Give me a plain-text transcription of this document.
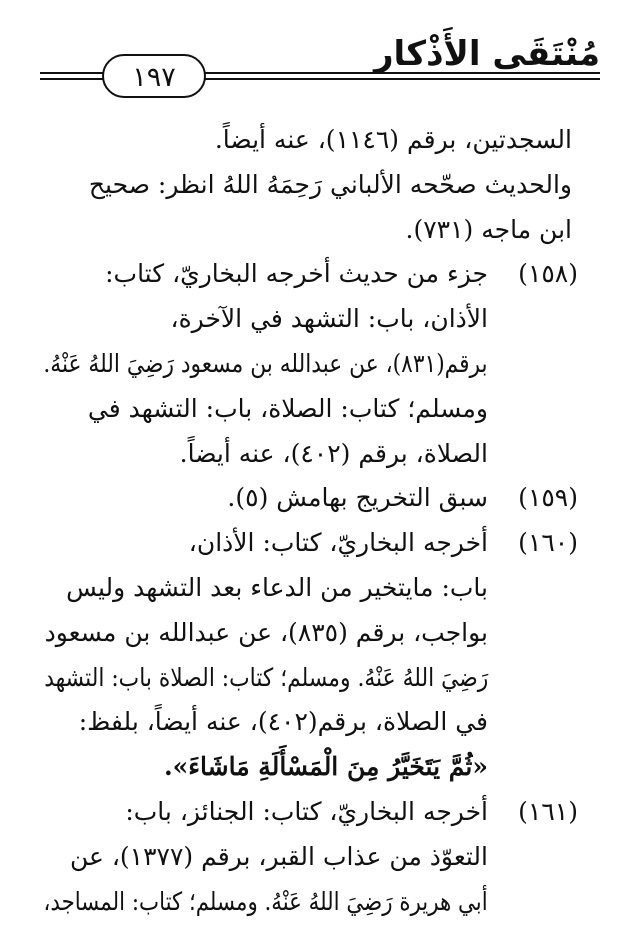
مُنْتَقَى الأَذْكار
١٩٧
السجدتين، برقم (١١٤٦)، عنه أيضاً.
والحديث صحّحه الألباني رَحِمَهُ اللهُ انظر: صحيح
ابن ماجه (٧٣١).
(١٥٨)
جزء من حديث أخرجه البخاريّ، كتاب:
الأذان، باب: التشهد في الآخرة،
برقم(٨٣١)، عن عبدالله بن مسعود رَضِيَ اللهُ عَنْهُ.
ومسلم؛ كتاب: الصلاة، باب: التشهد في
الصلاة، برقم (٤٠٢)، عنه أيضاً.
(١٥٩)
سبق التخريج بهامش (٥).
(١٦٠)
أخرجه البخاريّ، كتاب: الأذان،
باب: مايتخير من الدعاء بعد التشهد وليس
بواجب، برقم (٨٣٥)، عن عبدالله بن مسعود
رَضِيَ اللهُ عَنْهُ. ومسلم؛ كتاب: الصلاة باب: التشهد
في الصلاة، برقم(٤٠٢)، عنه أيضاً، بلفظ:
«ثُمَّ يَتَخَيَّرُ مِنَ الْمَسْأَلَةِ مَاشَاءَ».
(١٦١)
أخرجه البخاريّ، كتاب: الجنائز، باب:
التعوّذ من عذاب القبر، برقم (١٣٧٧)، عن
أبي هريرة رَضِيَ اللهُ عَنْهُ. ومسلم؛ كتاب: المساجد،
